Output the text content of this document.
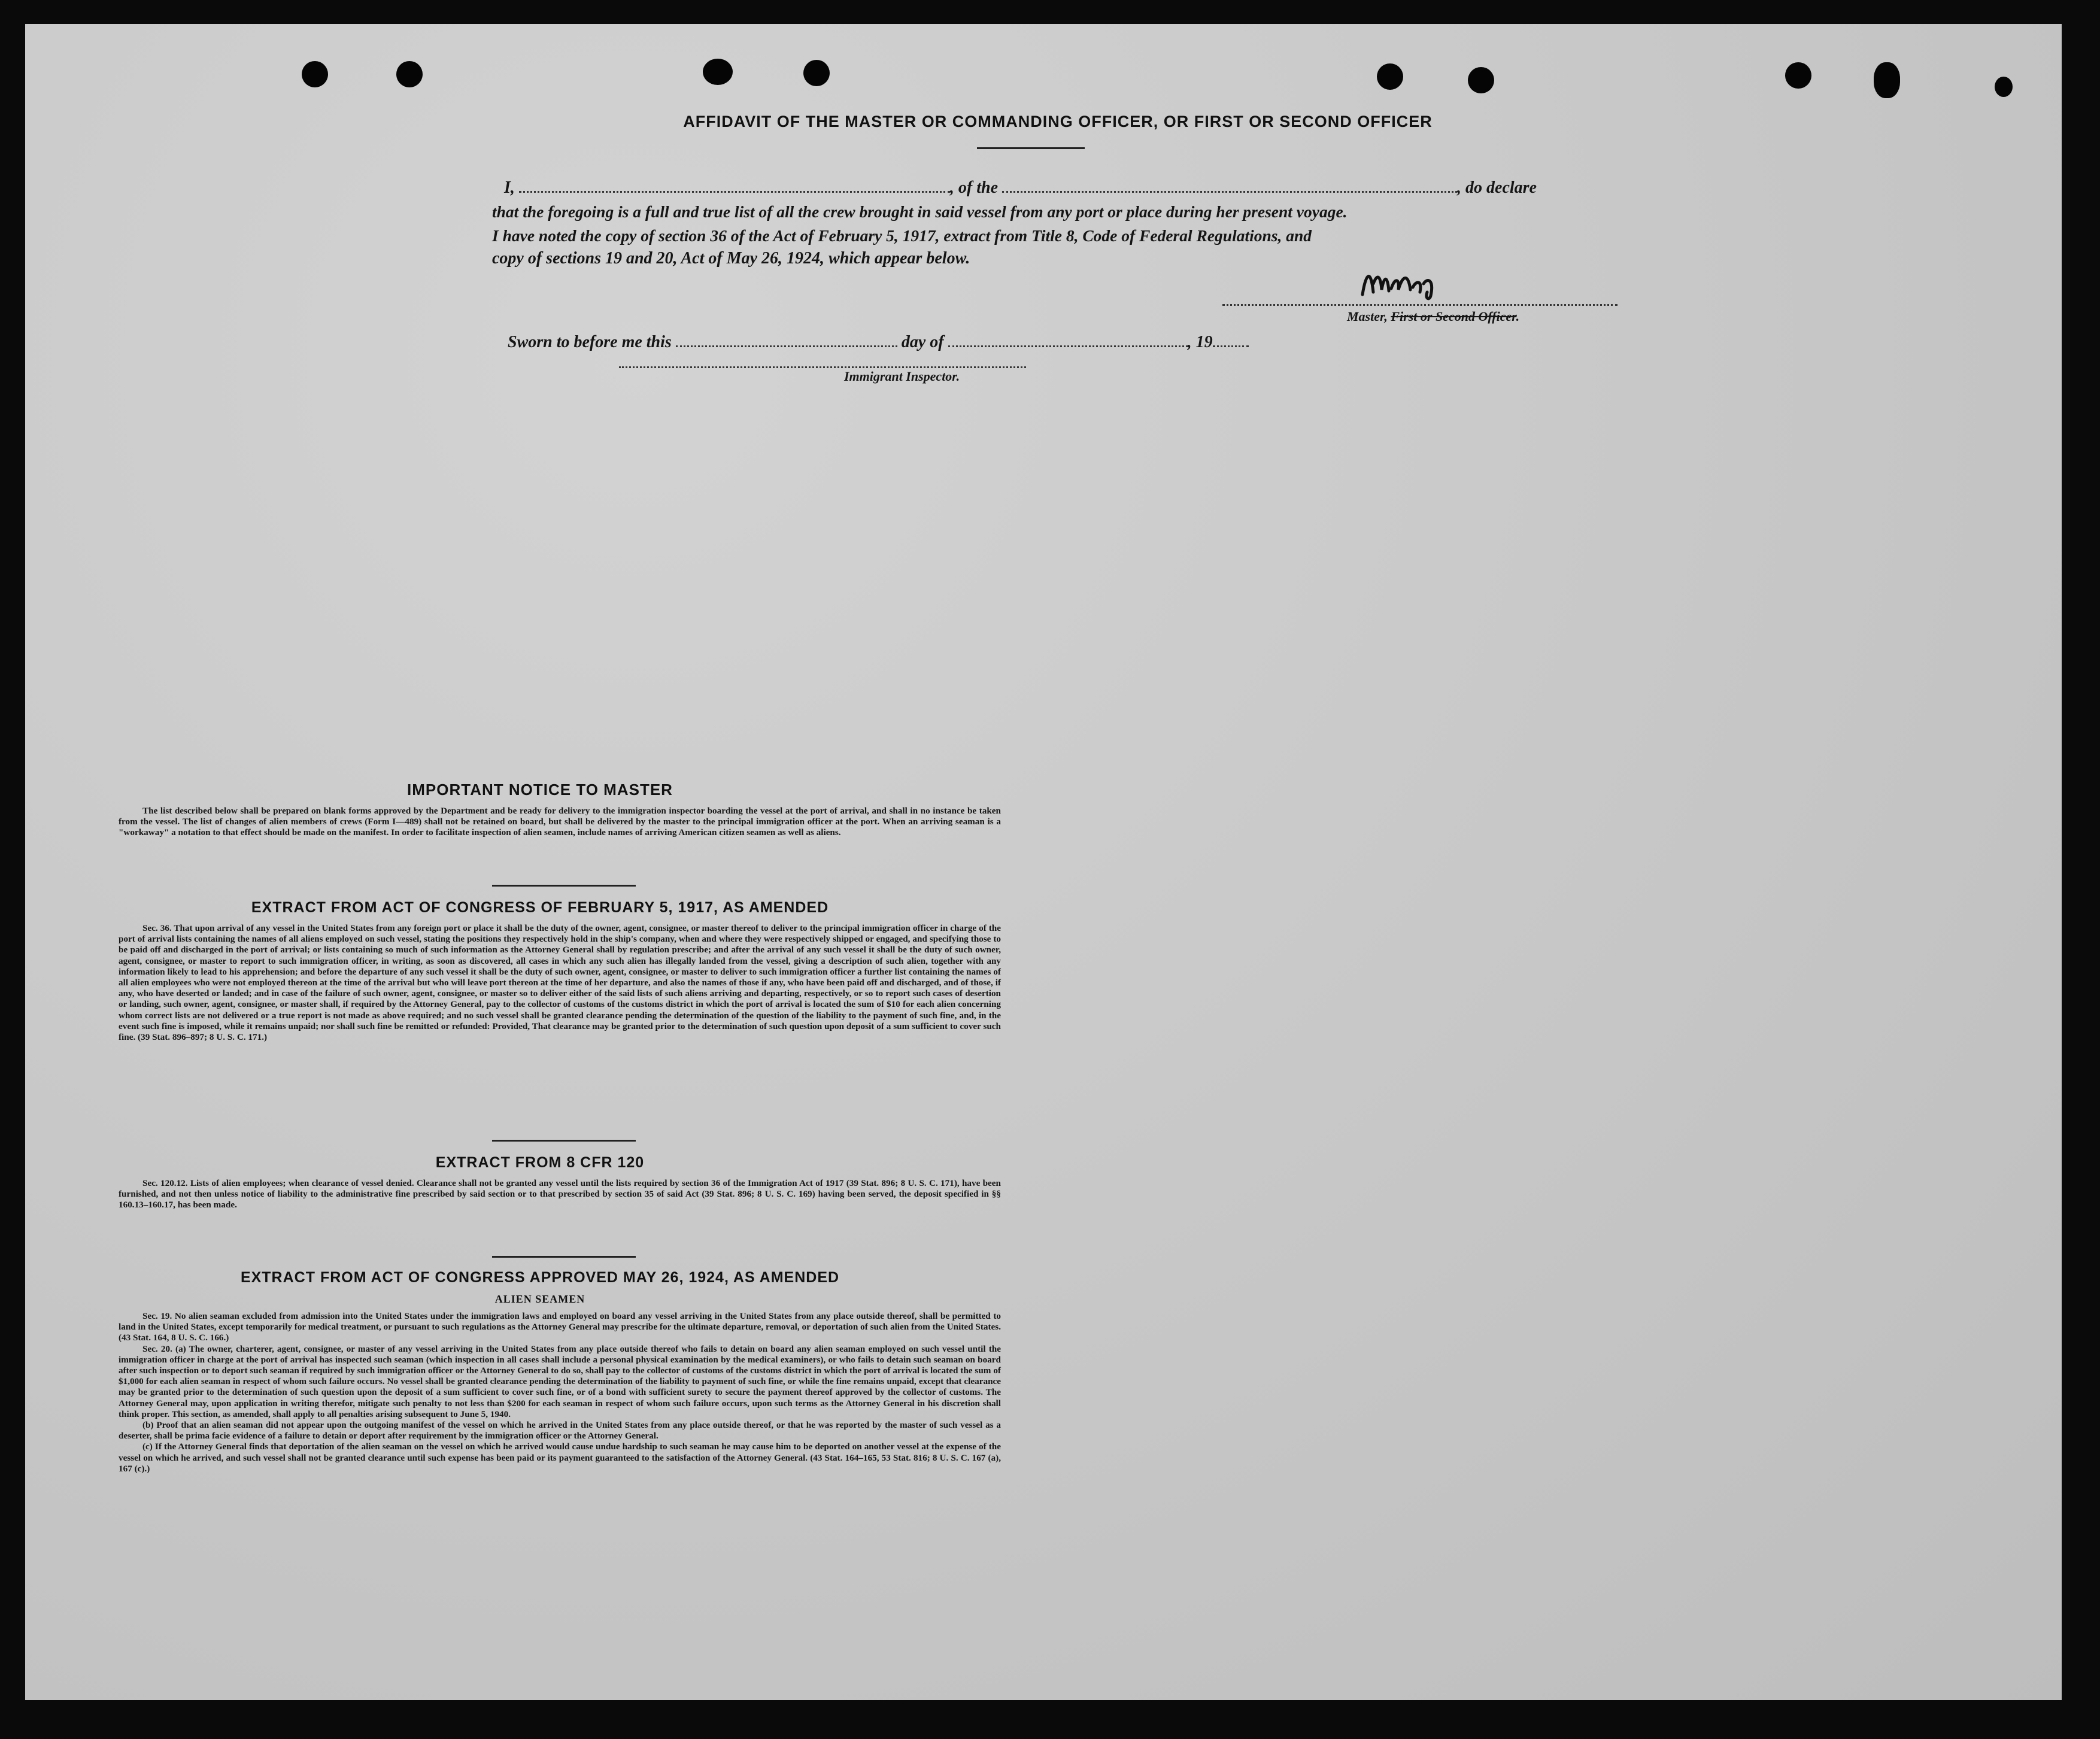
AFFIDAVIT OF THE MASTER OR COMMANDING OFFICER, OR FIRST OR SECOND OFFICER
I,	, of the	, do declare
that the foregoing is a full and true list of all the crew brought in said vessel from any port or place during her present voyage.
I have noted the copy of section 36 of the Act of February 5, 1917, extract from Title 8, Code of Federal Regulations, and
copy of sections 19 and 20, Act of May 26, 1924, which appear below.
Master, First or Second Officer.
Sworn to before me this	day of	, 19
Immigrant Inspector.
IMPORTANT NOTICE TO MASTER

The list described below shall be prepared on blank forms approved by the Department and be ready for delivery to the immigration inspector boarding the vessel at the port of arrival, and shall in no instance be taken from the vessel. The list of changes of alien members of crews (Form I—489) shall not be retained on board, but shall be delivered by the master to the principal immigration officer at the port. When an arriving seaman is a "workaway" a notation to that effect should be made on the manifest. In order to facilitate inspection of alien seamen, include names of arriving American citizen seamen as well as aliens.

EXTRACT FROM ACT OF CONGRESS OF FEBRUARY 5, 1917, AS AMENDED

Sec. 36. That upon arrival of any vessel in the United States from any foreign port or place it shall be the duty of the owner, agent, consignee, or master thereof to deliver to the principal immigration officer in charge of the port of arrival lists containing the names of all aliens employed on such vessel, stating the positions they respectively hold in the ship's company, when and where they were respectively shipped or engaged, and specifying those to be paid off and discharged in the port of arrival; or lists containing so much of such information as the Attorney General shall by regulation prescribe; and after the arrival of any such vessel it shall be the duty of such owner, agent, consignee, or master to report to such immigration officer, in writing, as soon as discovered, all cases in which any such alien has illegally landed from the vessel, giving a description of such alien, together with any information likely to lead to his apprehension; and before the departure of any such vessel it shall be the duty of such owner, agent, consignee, or master to deliver to such immigration officer a further list containing the names of all alien employees who were not employed thereon at the time of the arrival but who will leave port thereon at the time of her departure, and also the names of those if any, who have been paid off and discharged, and of those, if any, who have deserted or landed; and in case of the failure of such owner, agent, consignee, or master so to deliver either of the said lists of such aliens arriving and departing, respectively, or so to report such cases of desertion or landing, such owner, agent, consignee, or master shall, if required by the Attorney General, pay to the collector of customs of the customs district in which the port of arrival is located the sum of $10 for each alien concerning whom correct lists are not delivered or a true report is not made as above required; and no such vessel shall be granted clearance pending the determination of the question of the liability to the payment of such fine, and, in the event such fine is imposed, while it remains unpaid; nor shall such fine be remitted or refunded: Provided, That clearance may be granted prior to the determination of such question upon deposit of a sum sufficient to cover such fine. (39 Stat. 896–897; 8 U. S. C. 171.)

EXTRACT FROM 8 CFR 120

Sec. 120.12. Lists of alien employees; when clearance of vessel denied. Clearance shall not be granted any vessel until the lists required by section 36 of the Immigration Act of 1917 (39 Stat. 896; 8 U. S. C. 171), have been furnished, and not then unless notice of liability to the administrative fine prescribed by said section or to that prescribed by section 35 of said Act (39 Stat. 896; 8 U. S. C. 169) having been served, the deposit specified in §§ 160.13–160.17, has been made.

EXTRACT FROM ACT OF CONGRESS APPROVED MAY 26, 1924, AS AMENDED
ALIEN SEAMEN

Sec. 19. No alien seaman excluded from admission into the United States under the immigration laws and employed on board any vessel arriving in the United States from any place outside thereof, shall be permitted to land in the United States, except temporarily for medical treatment, or pursuant to such regulations as the Attorney General may prescribe for the ultimate departure, removal, or deportation of such alien from the United States. (43 Stat. 164, 8 U. S. C. 166.)

Sec. 20. (a) The owner, charterer, agent, consignee, or master of any vessel arriving in the United States from any place outside thereof who fails to detain on board any alien seaman employed on such vessel until the immigration officer in charge at the port of arrival has inspected such seaman (which inspection in all cases shall include a personal physical examination by the medical examiners), or who fails to detain such seaman on board after such inspection or to deport such seaman if required by such immigration officer or the Attorney General to do so, shall pay to the collector of customs of the customs district in which the port of arrival is located the sum of $1,000 for each alien seaman in respect of whom such failure occurs. No vessel shall be granted clearance pending the determination of the liability to payment of such fine, or while the fine remains unpaid, except that clearance may be granted prior to the determination of such question upon the deposit of a sum sufficient to cover such fine, or of a bond with sufficient surety to secure the payment thereof approved by the collector of customs. The Attorney General may, upon application in writing therefor, mitigate such penalty to not less than $200 for each seaman in respect of whom such failure occurs, upon such terms as the Attorney General in his discretion shall think proper. This section, as amended, shall apply to all penalties arising subsequent to June 5, 1940.

(b) Proof that an alien seaman did not appear upon the outgoing manifest of the vessel on which he arrived in the United States from any place outside thereof, or that he was reported by the master of such vessel as a deserter, shall be prima facie evidence of a failure to detain or deport after requirement by the immigration officer or the Attorney General.

(c) If the Attorney General finds that deportation of the alien seaman on the vessel on which he arrived would cause undue hardship to such seaman he may cause him to be deported on another vessel at the expense of the vessel on which he arrived, and such vessel shall not be granted clearance until such expense has been paid or its payment guaranteed to the satisfaction of the Attorney General. (43 Stat. 164–165, 53 Stat. 816; 8 U. S. C. 167 (a), 167 (c).)
